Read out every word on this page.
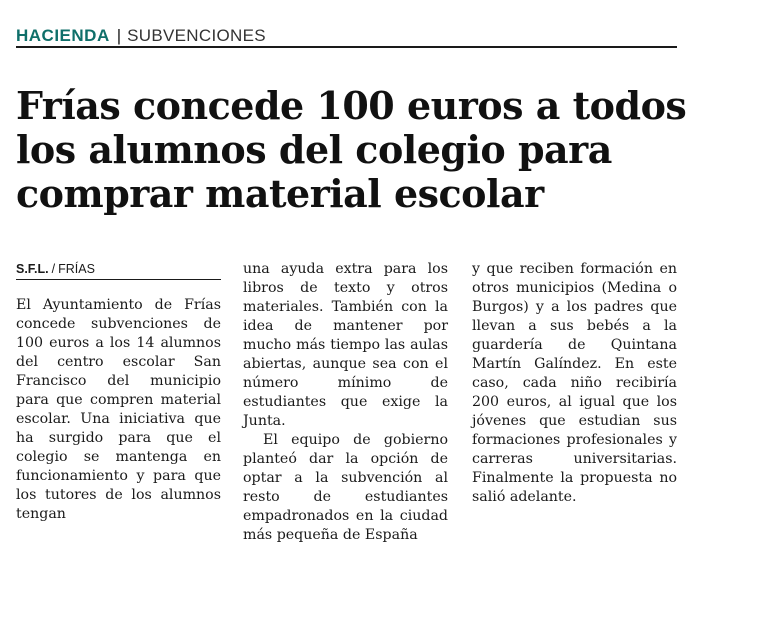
HACIENDA | SUBVENCIONES
Frías concede 100 euros a todos los alumnos del colegio para comprar material escolar
S.F.L. / FRÍAS

El Ayuntamiento de Frías concede subvenciones de 100 euros a los 14 alumnos del centro escolar San Francisco del municipio para que compren material escolar. Una iniciativa que ha surgido para que el colegio se mantenga en funcionamiento y para que los tutores de los alumnos tengan

una ayuda extra para los libros de texto y otros materiales. También con la idea de mantener por mucho más tiempo las aulas abiertas, aunque sea con el número mínimo de estudiantes que exige la Junta.

El equipo de gobierno planteó dar la opción de optar a la subvención al resto de estudiantes empadronados en la ciudad más pequeña de España

y que reciben formación en otros municipios (Medina o Burgos) y a los padres que llevan a sus bebés a la guardería de Quintana Martín Galíndez. En este caso, cada niño recibiría 200 euros, al igual que los jóvenes que estudian sus formaciones profesionales y carreras universitarias. Finalmente la propuesta no salió adelante.
